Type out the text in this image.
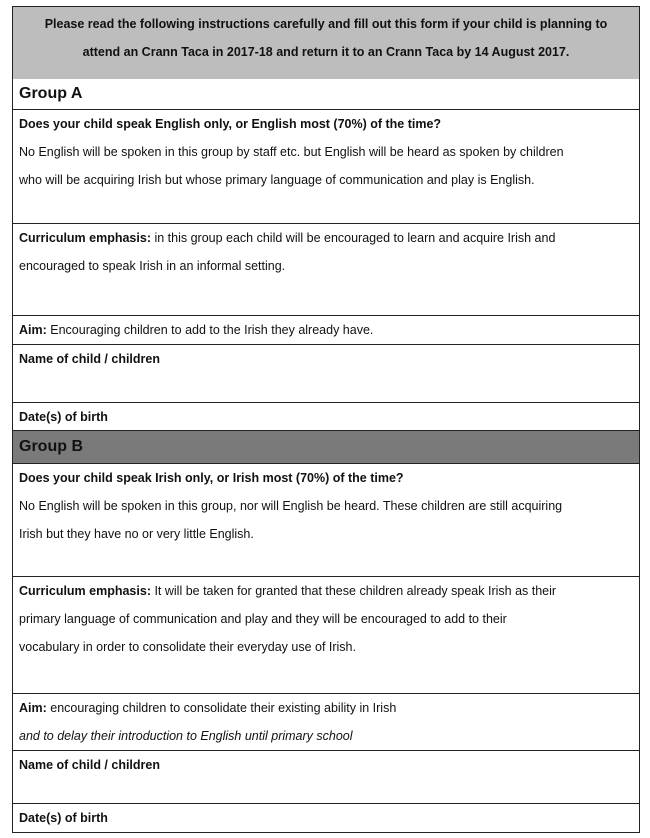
Please read the following instructions carefully and fill out this form if your child is planning to
attend an Crann Taca in 2017-18 and return it to an Crann Taca by 14 August 2017.
Group A
Does your child speak English only, or English most (70%) of the time?
No English will be spoken in this group by staff etc. but English will be heard as spoken by children
who will be acquiring Irish but whose primary language of communication and play is English.
Curriculum emphasis: in this group each child will be encouraged to learn and acquire Irish and
encouraged to speak Irish in an informal setting.
Aim: Encouraging children to add to the Irish they already have.
Name of child / children
Date(s) of birth
Group B
Does your child speak Irish only, or Irish most (70%) of the time?
No English will be spoken in this group, nor will English be heard. These children are still acquiring
Irish but they have no or very little English.
Curriculum emphasis: It will be taken for granted that these children already speak Irish as their
primary language of communication and play and they will be encouraged to add to their
vocabulary in order to consolidate their everyday use of Irish.
Aim: encouraging children to consolidate their existing ability in Irish
and to delay their introduction to English until primary school
Name of child / children
Date(s) of birth
